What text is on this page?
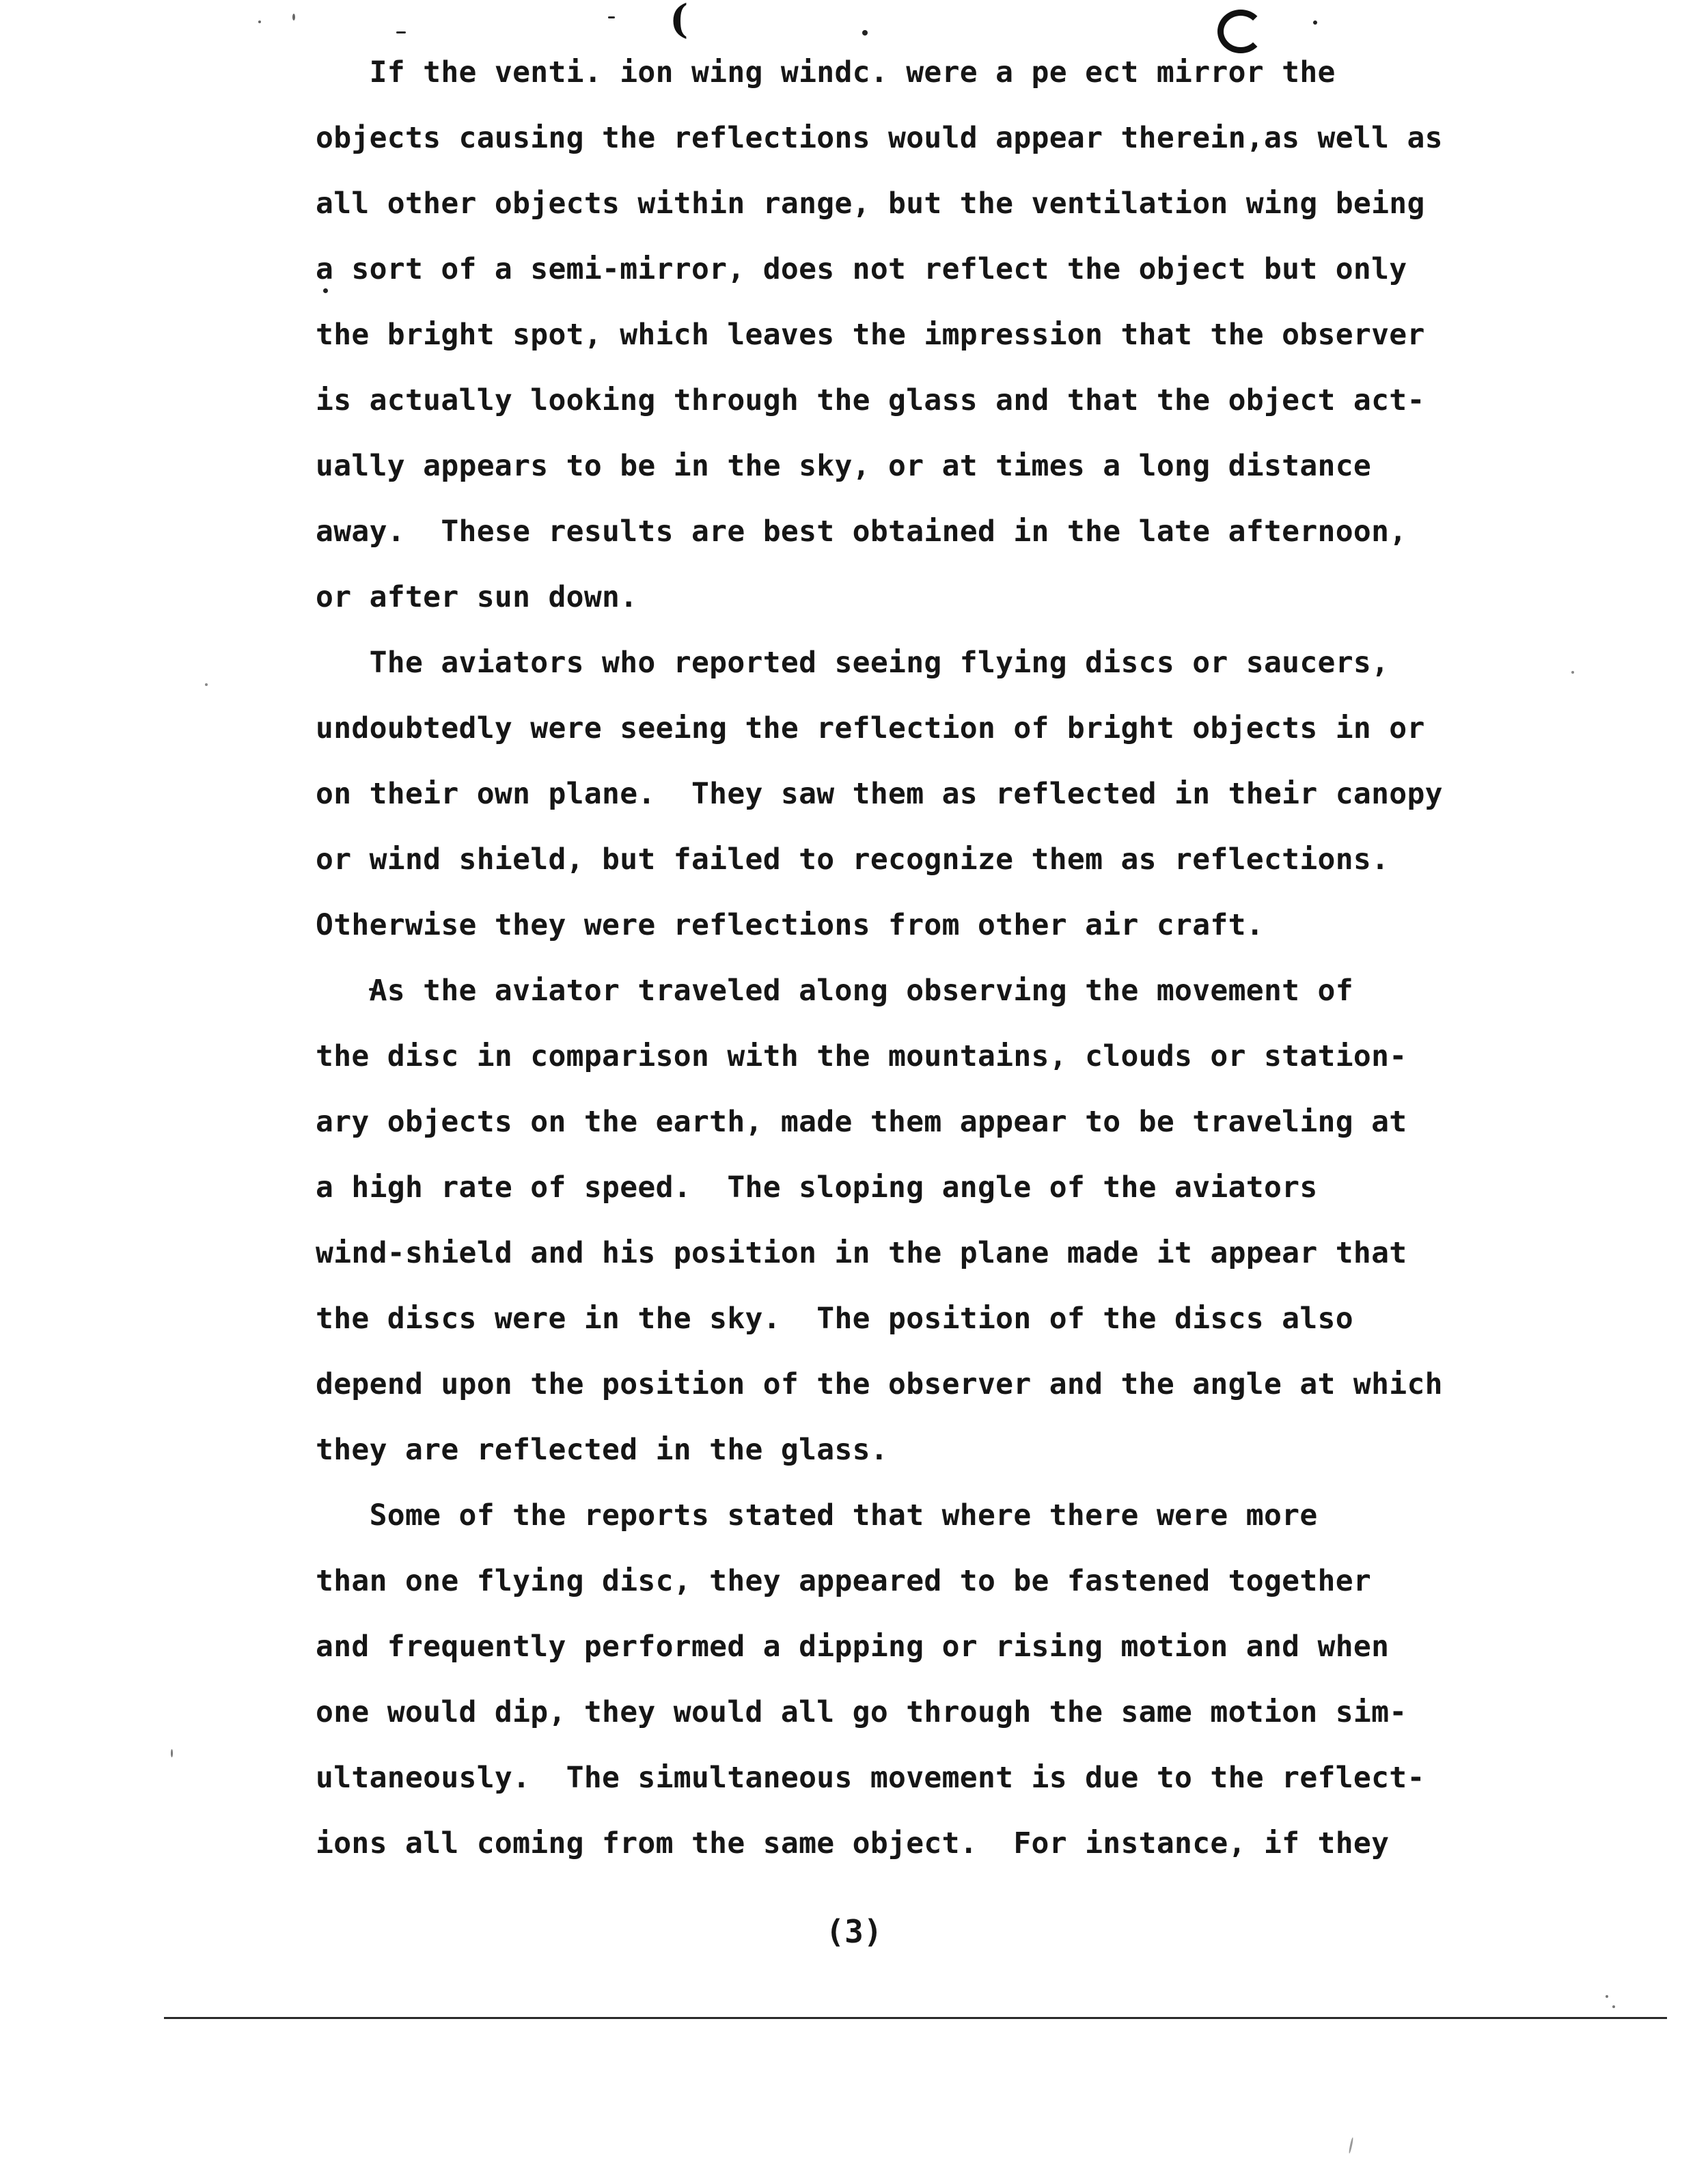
(
If the venti. ion wing windc. were a pe ect mirror the
objects causing the reflections would appear therein,as well as
all other objects within range, but the ventilation wing being
a sort of a semi-mirror, does not reflect the object but only
the bright spot, which leaves the impression that the observer
is actually looking through the glass and that the object act-
ually appears to be in the sky, or at times a long distance
away.  These results are best obtained in the late afternoon,
or after sun down.
The aviators who reported seeing flying discs or saucers,
undoubtedly were seeing the reflection of bright objects in or
on their own plane.  They saw them as reflected in their canopy
or wind shield, but failed to recognize them as reflections.
Otherwise they were reflections from other air craft.
As the aviator traveled along observing the movement of
the disc in comparison with the mountains, clouds or station-
ary objects on the earth, made them appear to be traveling at
a high rate of speed.  The sloping angle of the aviators
wind-shield and his position in the plane made it appear that
the discs were in the sky.  The position of the discs also
depend upon the position of the observer and the angle at which
they are reflected in the glass.
Some of the reports stated that where there were more
than one flying disc, they appeared to be fastened together
and frequently performed a dipping or rising motion and when
one would dip, they would all go through the same motion sim-
ultaneously.  The simultaneous movement is due to the reflect-
ions all coming from the same object.  For instance, if they
(3)
